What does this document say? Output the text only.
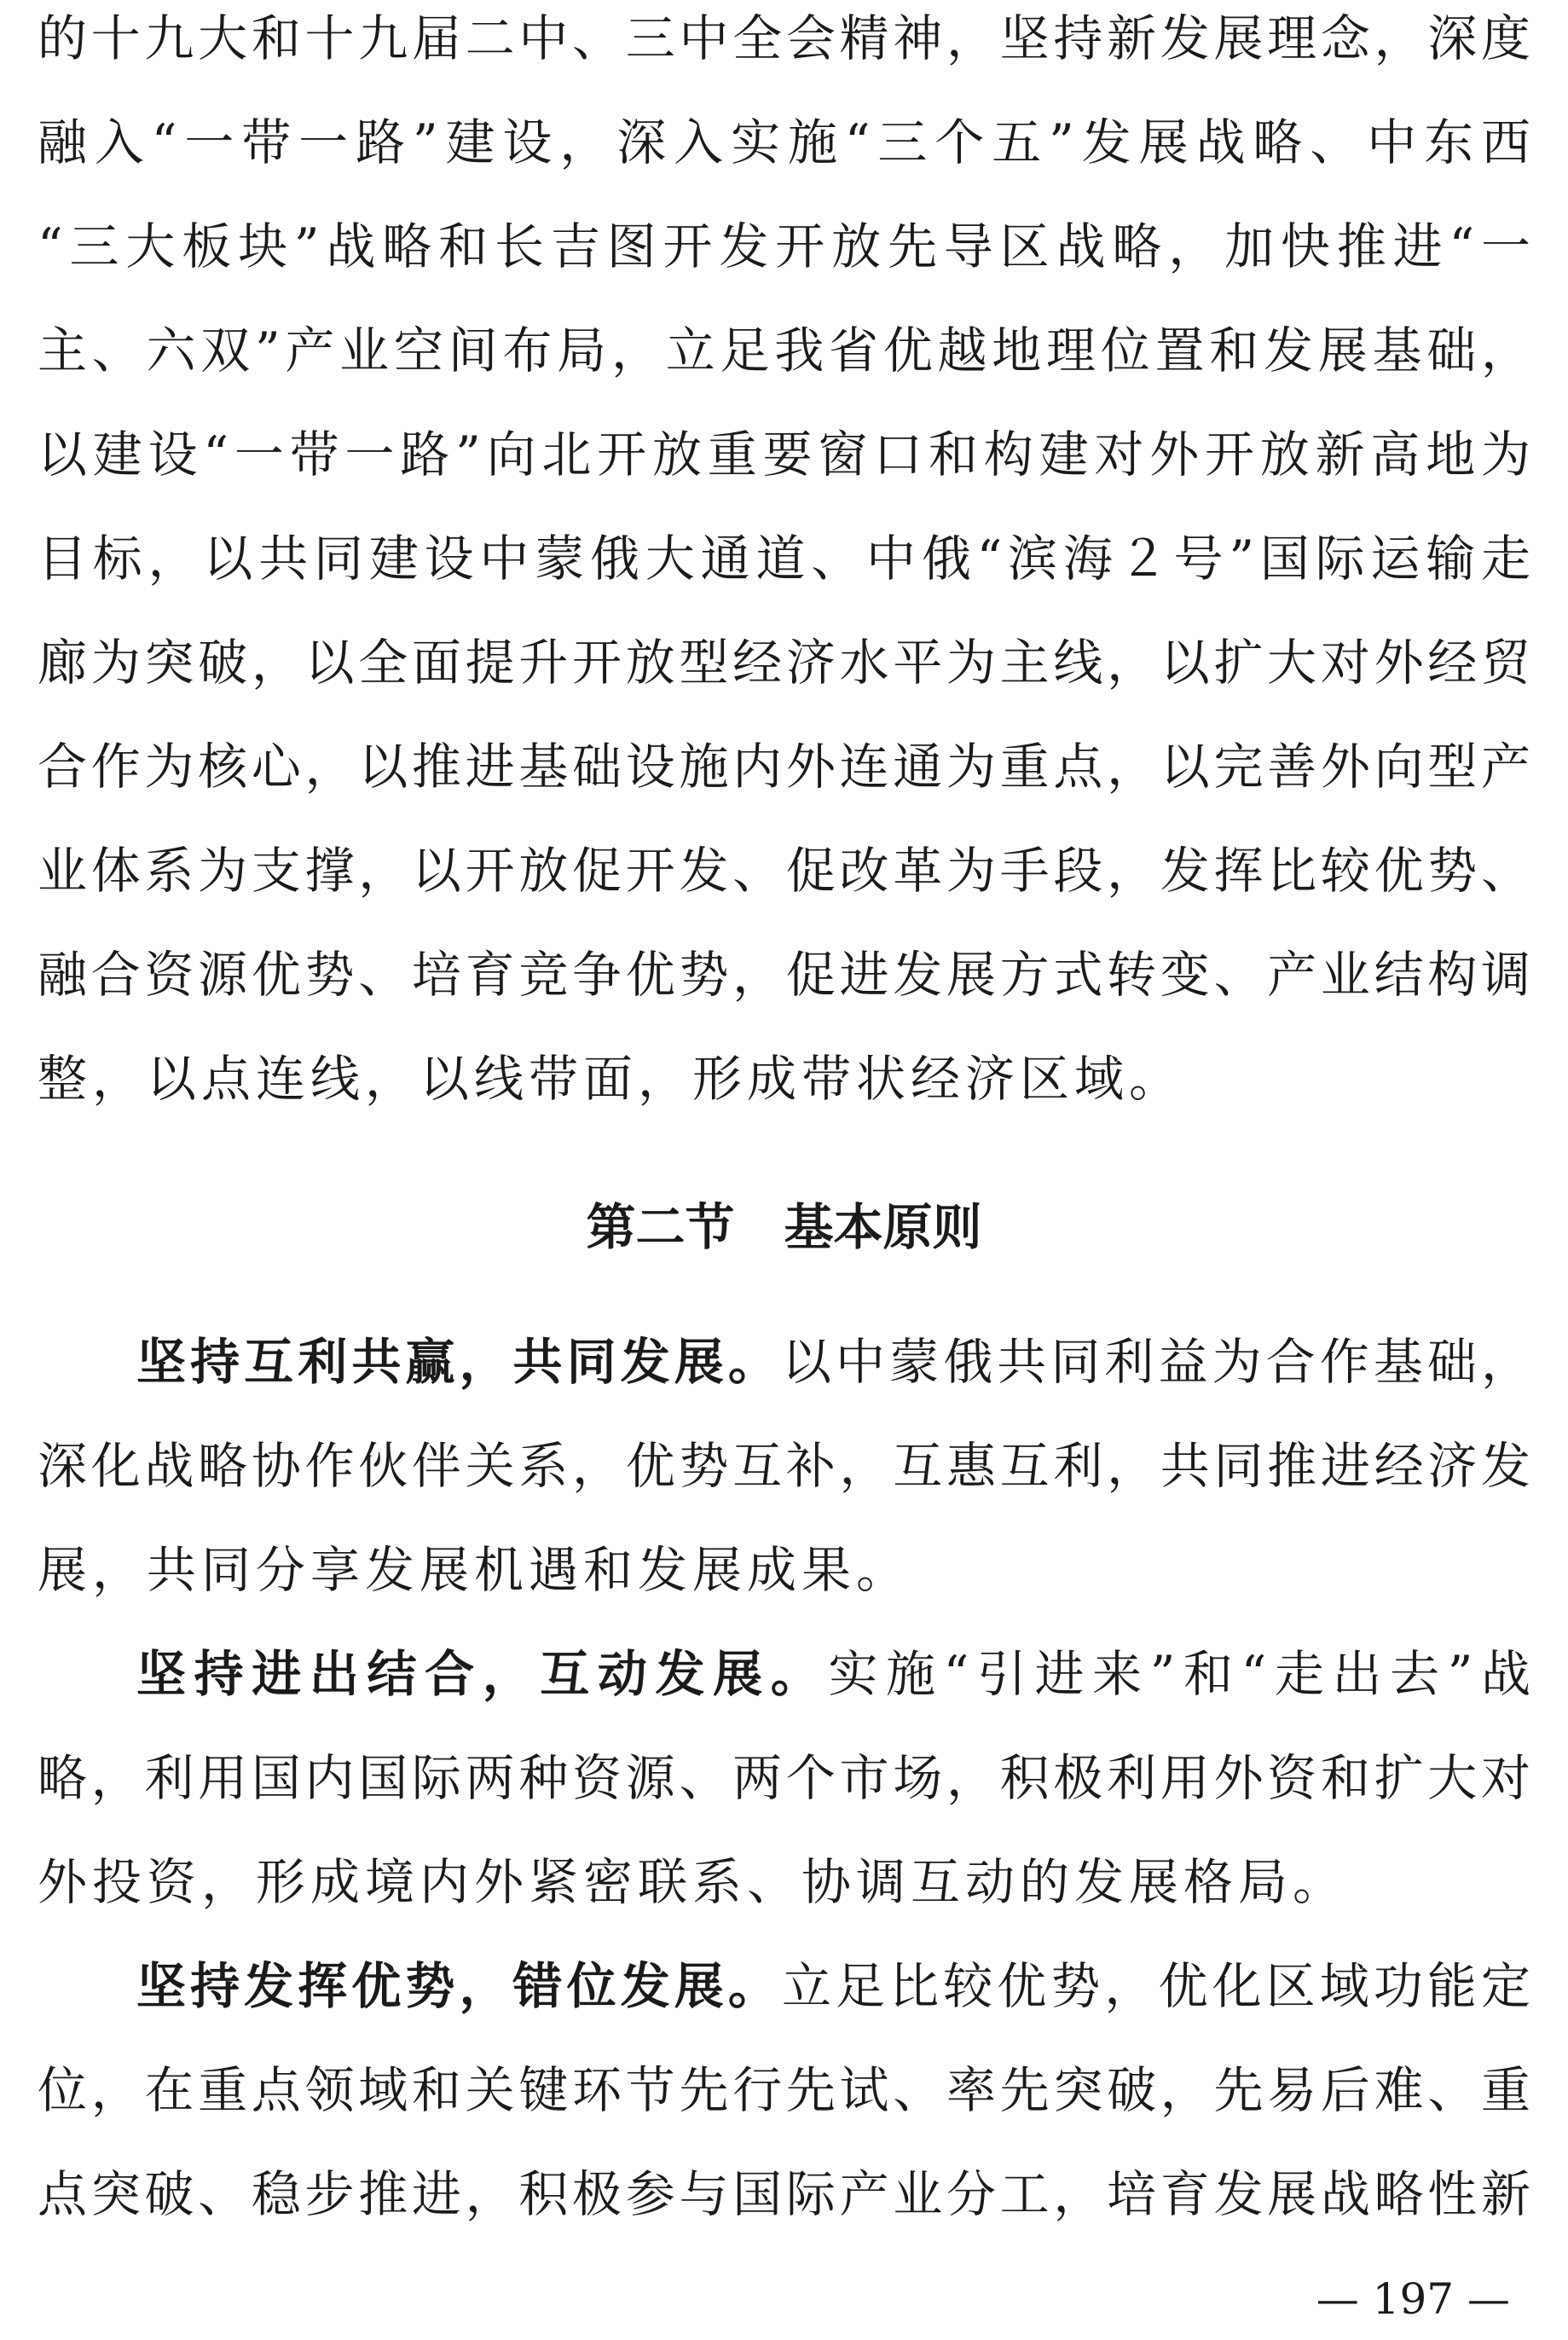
的十九大和十九届二中、三中全会精神，坚持新发展理念，深度
融入“一带一路”建设，深入实施“三个五”发展战略、中东西
“三大板块”战略和长吉图开发开放先导区战略，加快推进“一
主、六双”产业空间布局，立足我省优越地理位置和发展基础，
以建设“一带一路”向北开放重要窗口和构建对外开放新高地为
目标，以共同建设中蒙俄大通道、中俄“滨海２号”国际运输走
廊为突破，以全面提升开放型经济水平为主线，以扩大对外经贸
合作为核心，以推进基础设施内外连通为重点，以完善外向型产
业体系为支撑，以开放促开发、促改革为手段，发挥比较优势、
融合资源优势、培育竞争优势，促进发展方式转变、产业结构调
整，以点连线，以线带面，形成带状经济区域。
第二节　基本原则
坚持互利共赢，共同发展。以中蒙俄共同利益为合作基础，
深化战略协作伙伴关系，优势互补，互惠互利，共同推进经济发
展，共同分享发展机遇和发展成果。
坚持进出结合，互动发展。实施“引进来”和“走出去”战
略，利用国内国际两种资源、两个市场，积极利用外资和扩大对
外投资，形成境内外紧密联系、协调互动的发展格局。
坚持发挥优势，错位发展。立足比较优势，优化区域功能定
位，在重点领域和关键环节先行先试、率先突破，先易后难、重
点突破、稳步推进，积极参与国际产业分工，培育发展战略性新
— 197 —
